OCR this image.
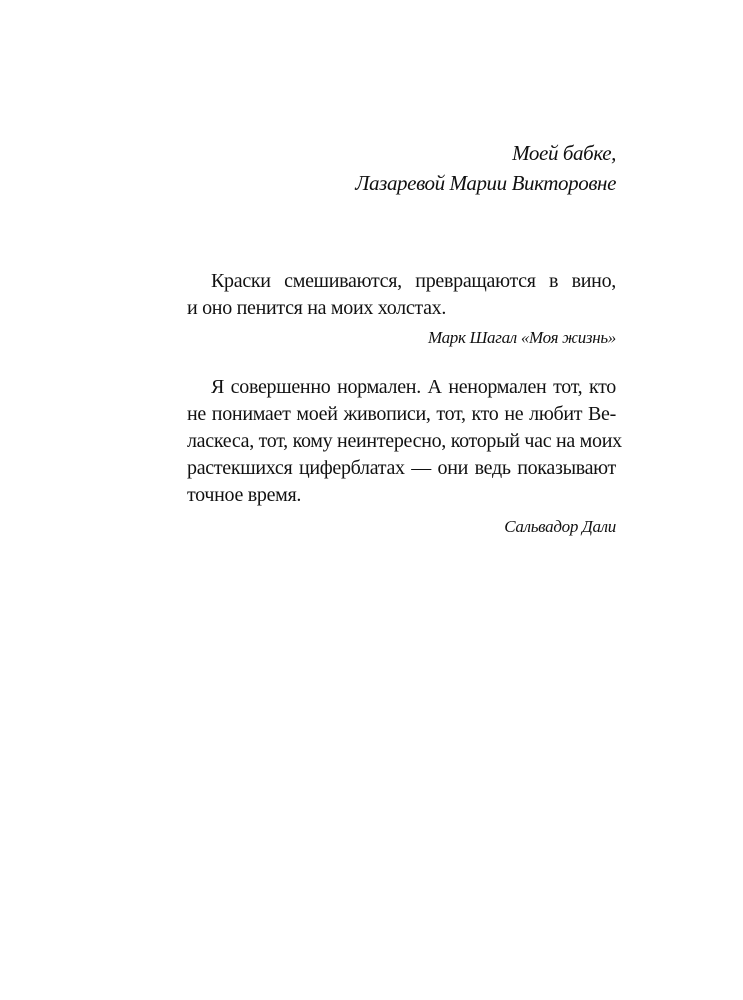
Моей бабке,
Лазаревой Марии Викторовне

Краски смешиваются, превращаются в вино,
и оно пенится на моих холстах.

Марк Шагал «Моя жизнь»

Я совершенно нормален. А ненормален тот, кто
не понимает моей живописи, тот, кто не любит Ве-
ласкеса, тот, кому неинтересно, который час на моих
растекшихся циферблатах — они ведь показывают
точное время.

Сальвадор Дали
